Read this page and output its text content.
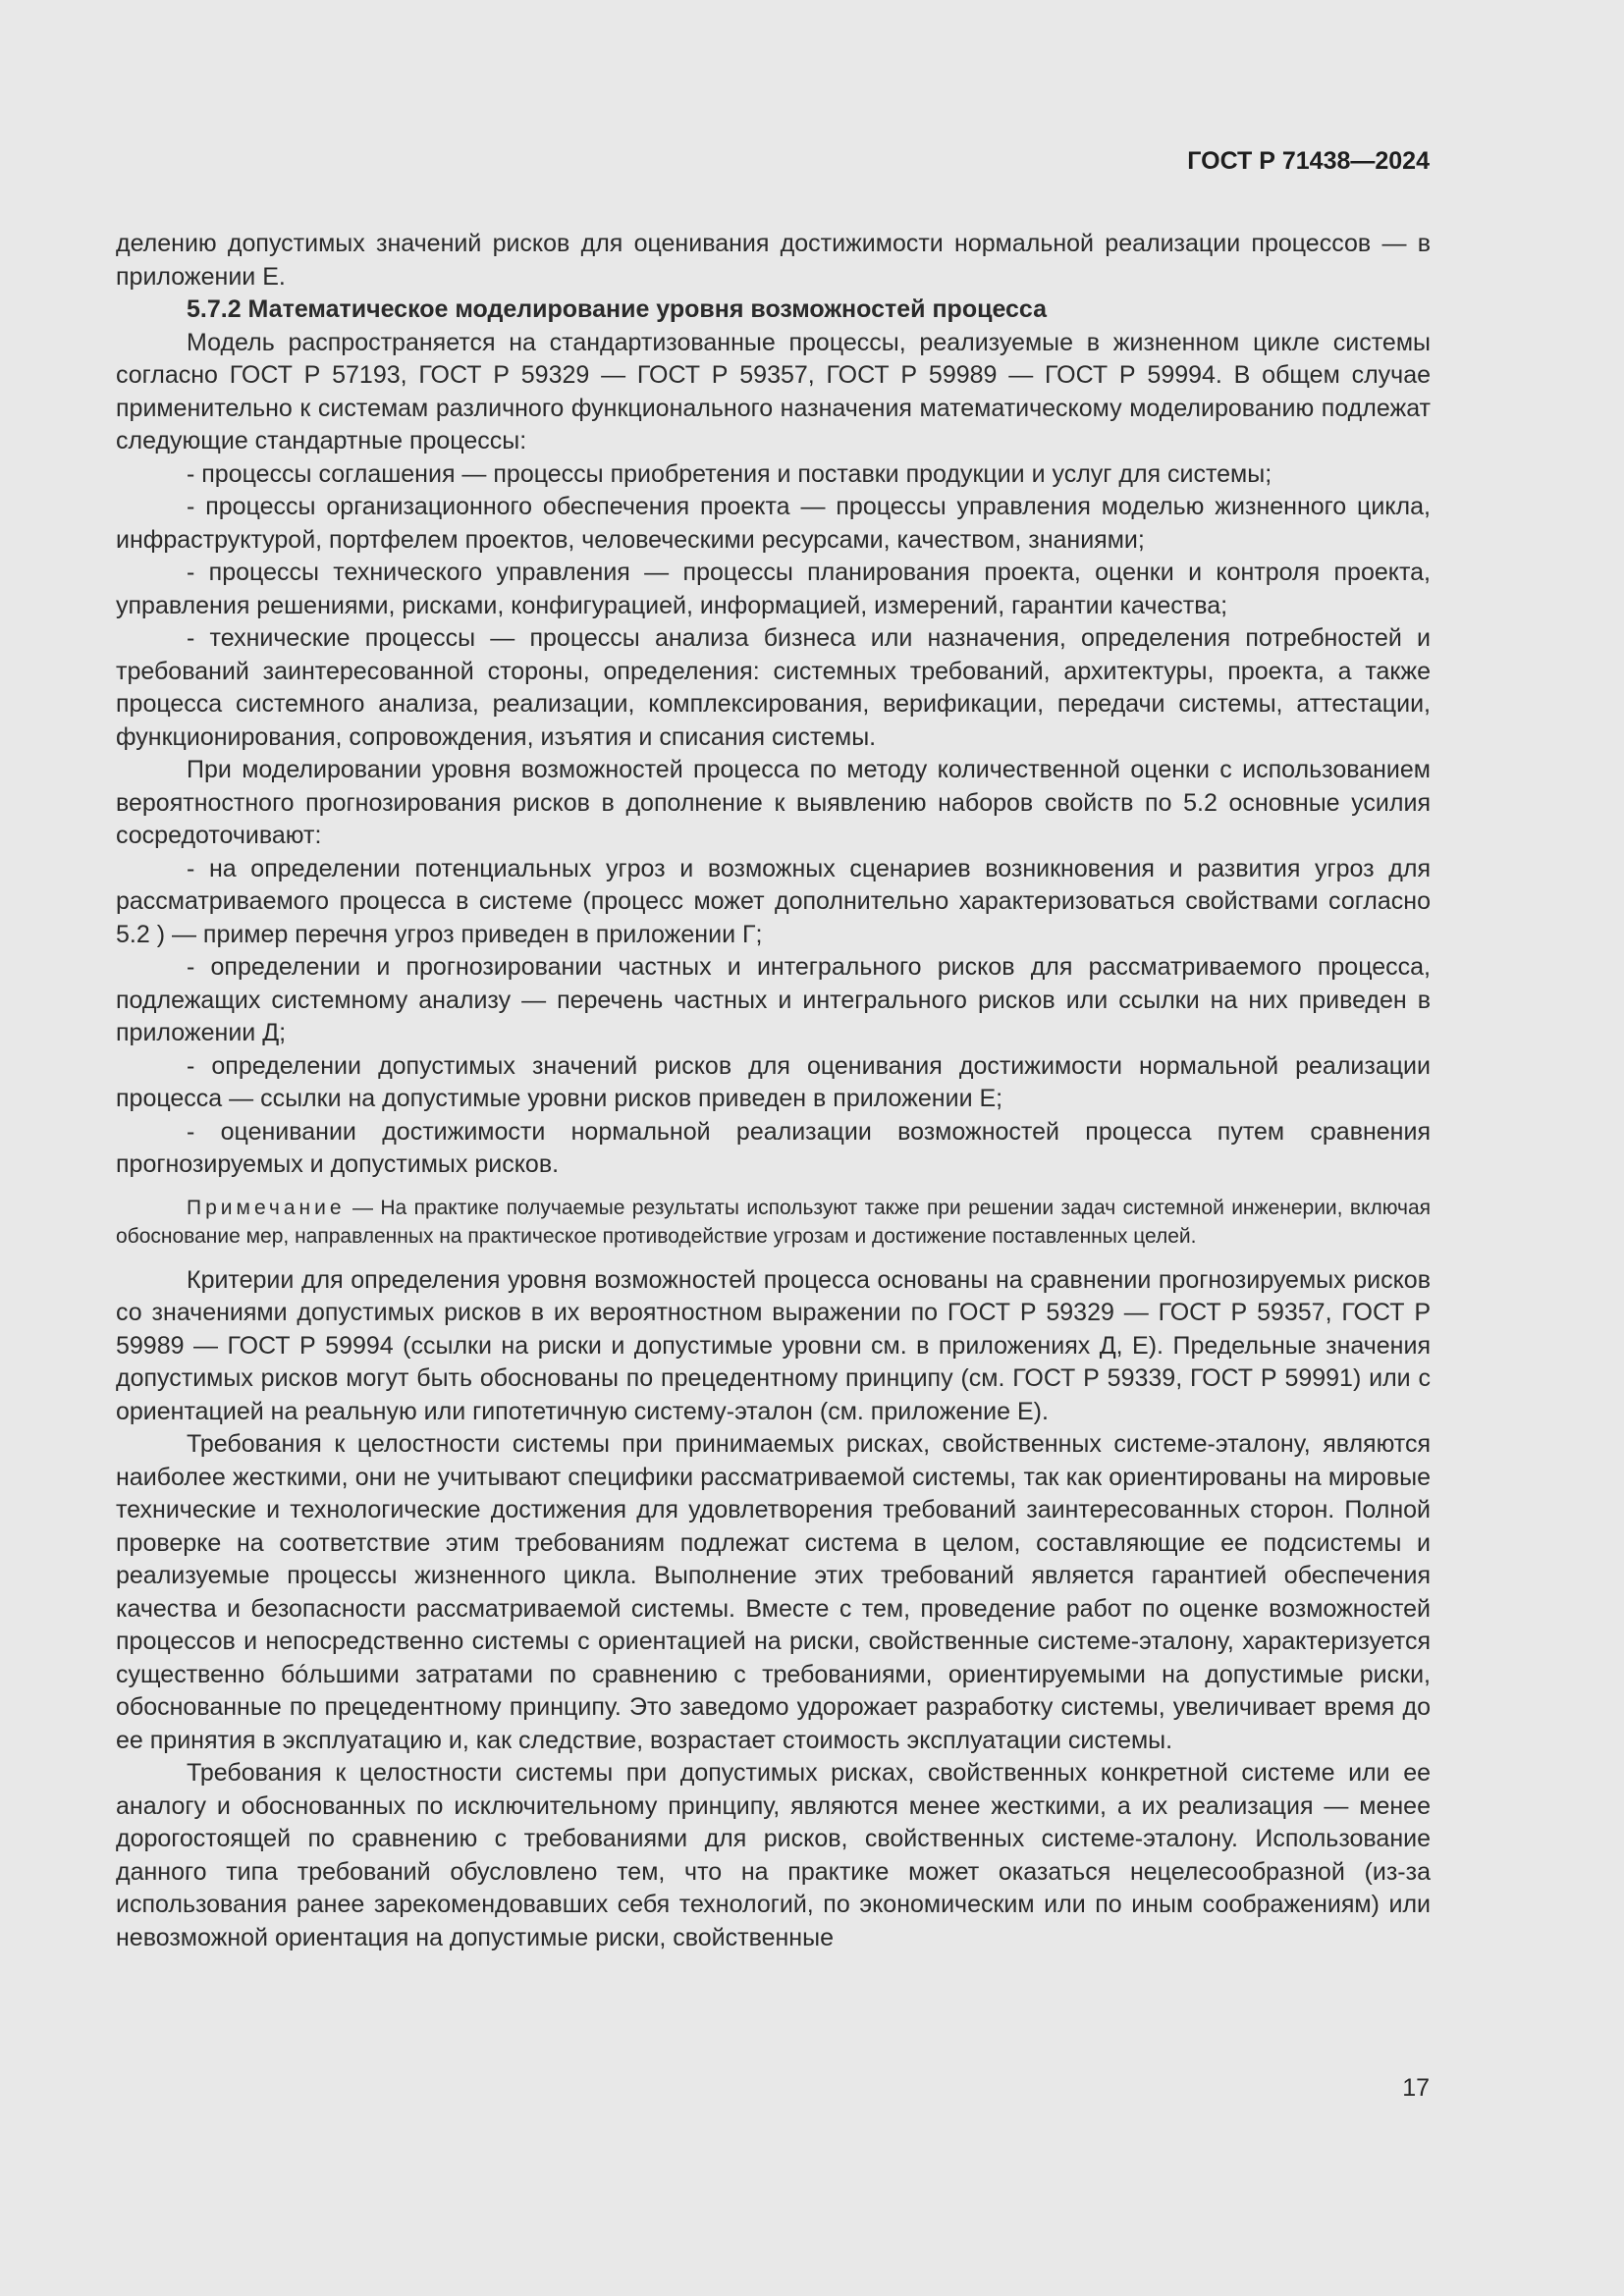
ГОСТ Р 71438—2024

делению допустимых значений рисков для оценивания достижимости нормальной реализации процессов — в приложении Е.

5.7.2 Математическое моделирование уровня возможностей процесса

Модель распространяется на стандартизованные процессы, реализуемые в жизненном цикле системы согласно ГОСТ Р 57193, ГОСТ Р 59329 — ГОСТ Р 59357, ГОСТ Р 59989 — ГОСТ Р 59994. В общем случае применительно к системам различного функционального назначения математическому моделированию подлежат следующие стандартные процессы:

- процессы соглашения — процессы приобретения и поставки продукции и услуг для системы;

- процессы организационного обеспечения проекта — процессы управления моделью жизненного цикла, инфраструктурой, портфелем проектов, человеческими ресурсами, качеством, знаниями;

- процессы технического управления — процессы планирования проекта, оценки и контроля проекта, управления решениями, рисками, конфигурацией, информацией, измерений, гарантии качества;

- технические процессы — процессы анализа бизнеса или назначения, определения потребностей и требований заинтересованной стороны, определения: системных требований, архитектуры, проекта, а также процесса системного анализа, реализации, комплексирования, верификации, передачи системы, аттестации, функционирования, сопровождения, изъятия и списания системы.

При моделировании уровня возможностей процесса по методу количественной оценки с использованием вероятностного прогнозирования рисков в дополнение к выявлению наборов свойств по 5.2 основные усилия сосредоточивают:

- на определении потенциальных угроз и возможных сценариев возникновения и развития угроз для рассматриваемого процесса в системе (процесс может дополнительно характеризоваться свойствами согласно 5.2 ) — пример перечня угроз приведен в приложении Г;

- определении и прогнозировании частных и интегрального рисков для рассматриваемого процесса, подлежащих системному анализу — перечень частных и интегрального рисков или ссылки на них приведен в приложении Д;

- определении допустимых значений рисков для оценивания достижимости нормальной реализации процесса — ссылки на допустимые уровни рисков приведен в приложении Е;

- оценивании достижимости нормальной реализации возможностей процесса путем сравнения прогнозируемых и допустимых рисков.

Примечание — На практике получаемые результаты используют также при решении задач системной инженерии, включая обоснование мер, направленных на практическое противодействие угрозам и достижение поставленных целей.

Критерии для определения уровня возможностей процесса основаны на сравнении прогнозируемых рисков со значениями допустимых рисков в их вероятностном выражении по ГОСТ Р 59329 — ГОСТ Р 59357, ГОСТ Р 59989 — ГОСТ Р 59994 (ссылки на риски и допустимые уровни см. в приложениях Д, Е). Предельные значения допустимых рисков могут быть обоснованы по прецедентному принципу (см. ГОСТ Р 59339, ГОСТ Р 59991) или с ориентацией на реальную или гипотетичную систему-эталон (см. приложение Е).

Требования к целостности системы при принимаемых рисках, свойственных системе-эталону, являются наиболее жесткими, они не учитывают специфики рассматриваемой системы, так как ориентированы на мировые технические и технологические достижения для удовлетворения требований заинтересованных сторон. Полной проверке на соответствие этим требованиям подлежат система в целом, составляющие ее подсистемы и реализуемые процессы жизненного цикла. Выполнение этих требований является гарантией обеспечения качества и безопасности рассматриваемой системы. Вместе с тем, проведение работ по оценке возможностей процессов и непосредственно системы с ориентацией на риски, свойственные системе-эталону, характеризуется существенно бóльшими затратами по сравнению с требованиями, ориентируемыми на допустимые риски, обоснованные по прецедентному принципу. Это заведомо удорожает разработку системы, увеличивает время до ее принятия в эксплуатацию и, как следствие, возрастает стоимость эксплуатации системы.

Требования к целостности системы при допустимых рисках, свойственных конкретной системе или ее аналогу и обоснованных по исключительному принципу, являются менее жесткими, а их реализация — менее дорогостоящей по сравнению с требованиями для рисков, свойственных системе-эталону. Использование данного типа требований обусловлено тем, что на практике может оказаться нецелесообразной (из-за использования ранее зарекомендовавших себя технологий, по экономическим или по иным соображениям) или невозможной ориентация на допустимые риски, свойственные

17
